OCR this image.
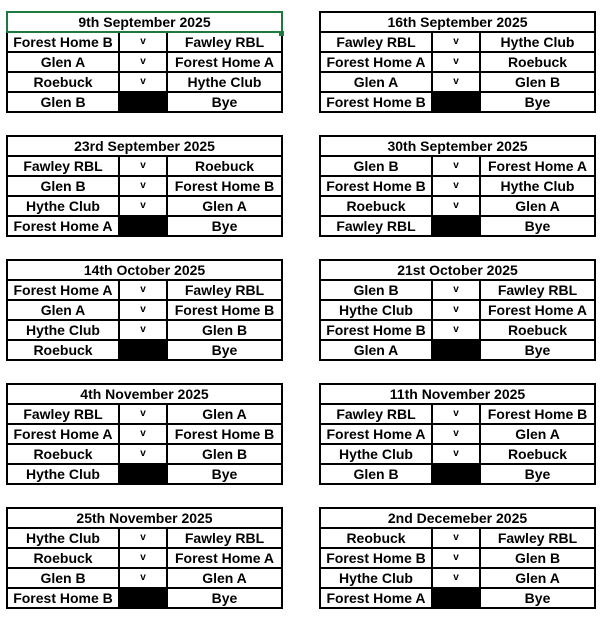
9th September 2025		
Forest Home B	v	Fawley RBL
Glen A	v	Forest Home A
Roebuck	v	Hythe Club
Glen B		Bye
16th September 2025		
Fawley RBL	v	Hythe Club
Forest Home A	v	Roebuck
Glen A	v	Glen B
Forest Home B		Bye
23rd September 2025		
Fawley RBL	v	Roebuck
Glen B	v	Forest Home B
Hythe Club	v	Glen A
Forest Home A		Bye
30th September 2025		
Glen B	v	Forest Home A
Forest Home B	v	Hythe Club
Roebuck	v	Glen A
Fawley RBL		Bye
14th October 2025		
Forest Home A	v	Fawley RBL
Glen A	v	Forest Home B
Hythe Club	v	Glen B
Roebuck		Bye
21st October 2025		
Glen B	v	Fawley RBL
Hythe Club	v	Forest Home A
Forest Home B	v	Roebuck
Glen A		Bye
4th November 2025		
Fawley RBL	v	Glen A
Forest Home A	v	Forest Home B
Roebuck	v	Glen B
Hythe Club		Bye
11th November 2025		
Fawley RBL	v	Forest Home B
Forest Home A	v	Glen A
Hythe Club	v	Roebuck
Glen B		Bye
25th November 2025		
Hythe Club	v	Fawley RBL
Roebuck	v	Forest Home A
Glen B	v	Glen A
Forest Home B		Bye
2nd Decemeber 2025		
Reobuck	v	Fawley RBL
Forest Home B	v	Glen B
Hythe Club	v	Glen A
Forest Home A		Bye
